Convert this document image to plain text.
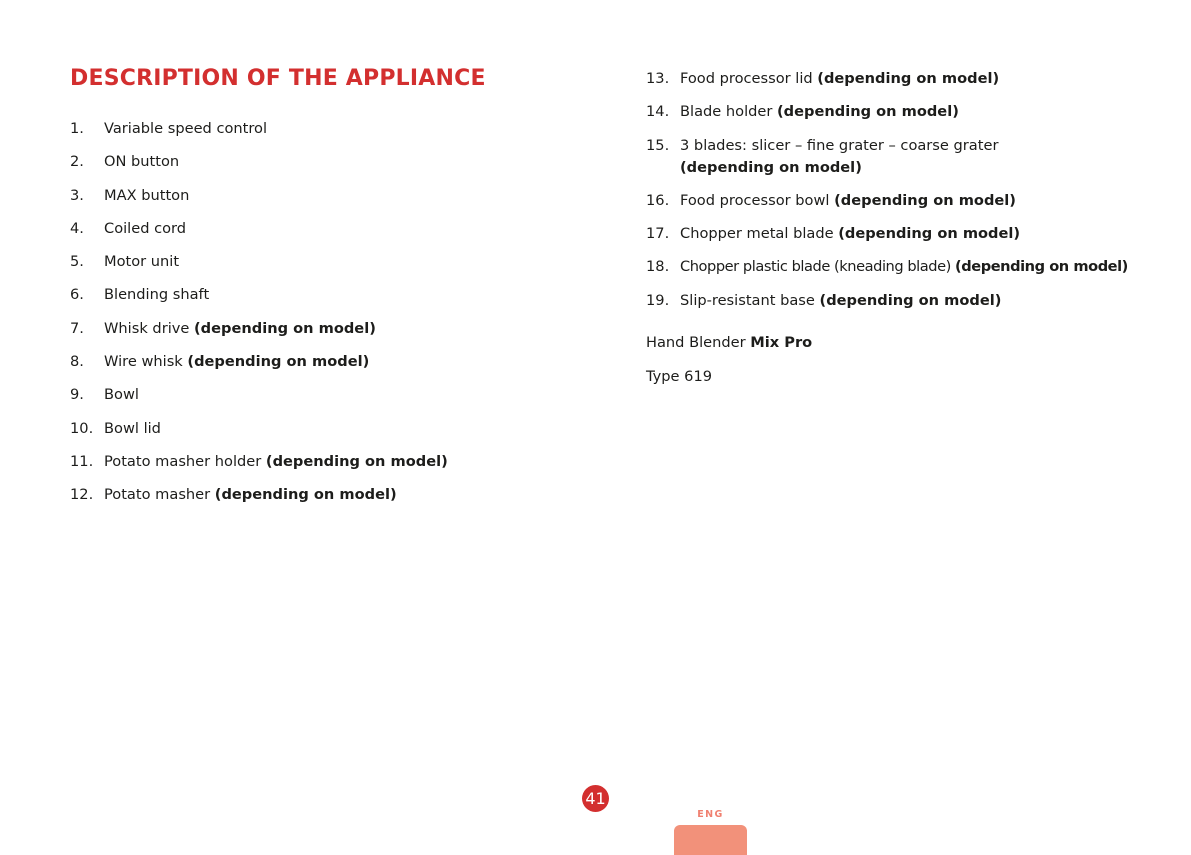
DESCRIPTION OF THE APPLIANCE
1.	Variable speed control
2.	ON button
3.	MAX button
4.	Coiled cord
5.	Motor unit
6.	Blending shaft
7.	Whisk drive (depending on model)
8.	Wire whisk (depending on model)
9.	Bowl
10. Bowl lid
11. Potato masher holder (depending on model)
12. Potato masher (depending on model)
13. Food processor lid (depending on model)
14. Blade holder (depending on model)
15. 3 blades: slicer – fine grater – coarse grater
(depending on model)
16. Food processor bowl (depending on model)
17. Chopper metal blade (depending on model)
18. Chopper plastic blade (kneading blade) (depending on model)
19. Slip-resistant base (depending on model)

Hand Blender Mix Pro

Type 619

41
ENG
